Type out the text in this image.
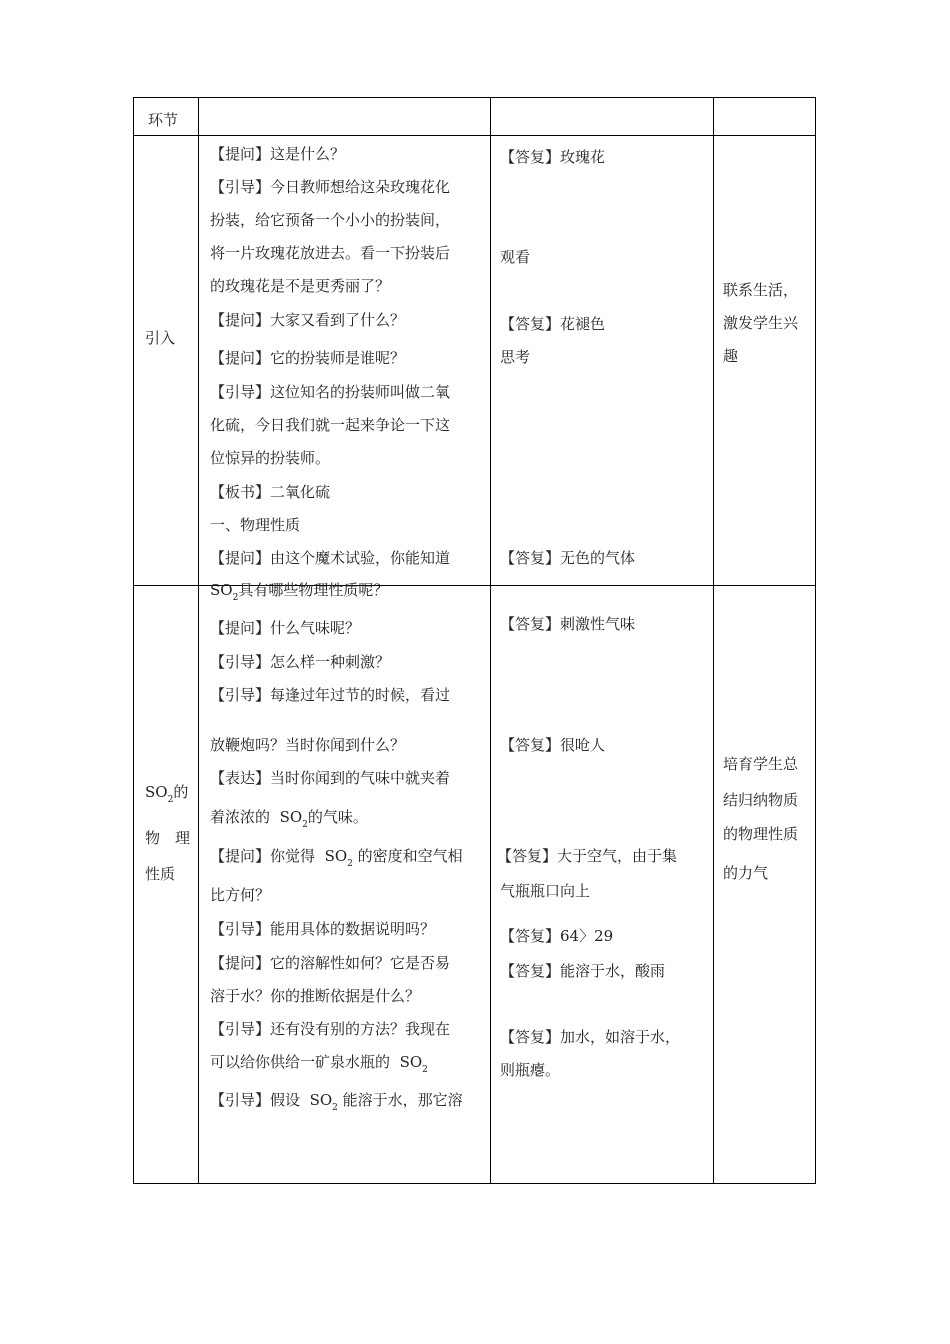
环节
引入
【提问】这是什么？
【引导】今日教师想给这朵玫瑰花化
扮装，给它预备一个小小的扮装间，
将一片玫瑰花放进去。看一下扮装后
的玫瑰花是不是更秀丽了？
【提问】大家又看到了什么？
【提问】它的扮装师是谁呢？
【引导】这位知名的扮装师叫做二氧
化硫，今日我们就一起来争论一下这
位惊异的扮装师。
【板书】二氧化硫
一、物理性质
【提问】由这个魔术试验，你能知道
【答复】玫瑰花
观看
【答复】花褪色
思考
【答复】无色的气体
联系生活，
激发学生兴
趣
$SO_2$的
物　理
性质
$SO_2$具有哪些物理性质呢？
【提问】什么气味呢？
【引导】怎么样一种刺激？
【引导】每逢过年过节的时候，看过
放鞭炮吗？当时你闻到什么？
【表达】当时你闻到的气味中就夹着
着浓浓的 $SO_2$的气味。
【提问】你觉得 $SO_2$ 的密度和空气相
比方何？
【引导】能用具体的数据说明吗？
【提问】它的溶解性如何？它是否易
溶于水？你的推断依据是什么？
【引导】还有没有别的方法？我现在
可以给你供给一矿泉水瓶的 $SO_2$
【引导】假设 $SO_2$ 能溶于水，那它溶
【答复】刺激性气味
【答复】很呛人
【答复】大于空气，由于集
气瓶瓶口向上
【答复】64〉29
【答复】能溶于水，酸雨
【答复】加水，如溶于水，
则瓶瘪。
培育学生总
结归纳物质
的物理性质
的力气
